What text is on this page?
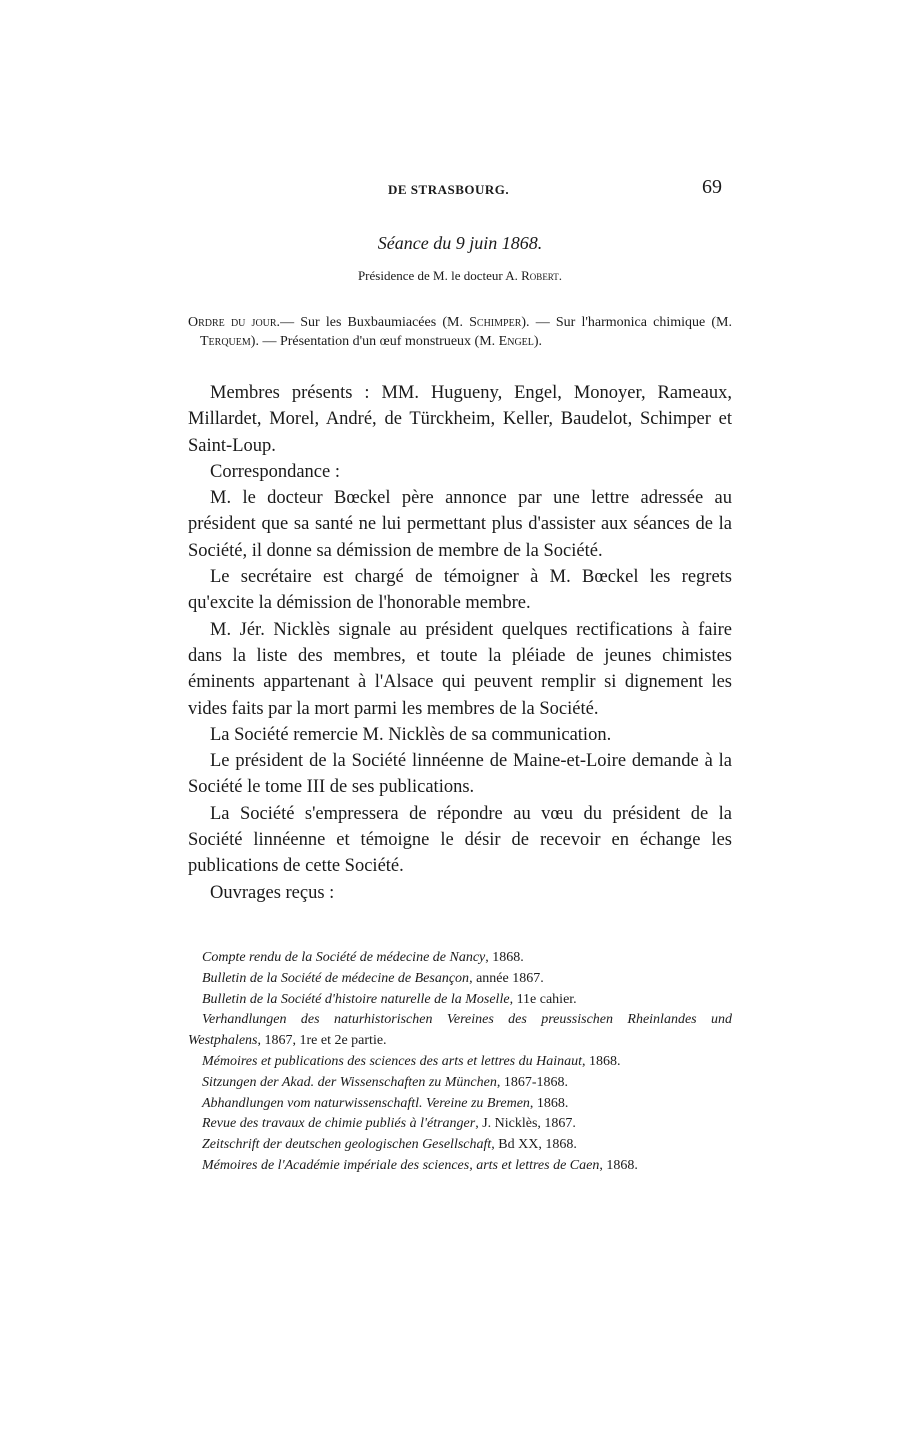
DE STRASBOURG.	69
Séance du 9 juin 1868.
Présidence de M. le docteur A. Robert.
Ordre du jour.— Sur les Buxbaumiacées (M. Schimper). — Sur l'harmonica chimique (M. Terquem). — Présentation d'un œuf monstrueux (M. Engel).

Membres présents : MM. Hugueny, Engel, Monoyer, Rameaux, Millardet, Morel, André, de Türckheim, Keller, Baudelot, Schimper et Saint-Loup.

Correspondance :

M. le docteur Bœckel père annonce par une lettre adressée au président que sa santé ne lui permettant plus d'assister aux séances de la Société, il donne sa démission de membre de la Société.

Le secrétaire est chargé de témoigner à M. Bœckel les regrets qu'excite la démission de l'honorable membre.

M. Jér. Nicklès signale au président quelques rectifications à faire dans la liste des membres, et toute la pléiade de jeunes chimistes éminents appartenant à l'Alsace qui peuvent remplir si dignement les vides faits par la mort parmi les membres de la Société.

La Société remercie M. Nicklès de sa communication.

Le président de la Société linnéenne de Maine-et-Loire demande à la Société le tome III de ses publications.

La Société s'empressera de répondre au vœu du président de la Société linnéenne et témoigne le désir de recevoir en échange les publications de cette Société.

Ouvrages reçus :

Compte rendu de la Société de médecine de Nancy, 1868.

Bulletin de la Société de médecine de Besançon, année 1867.

Bulletin de la Société d'histoire naturelle de la Moselle, 11e cahier.

Verhandlungen des naturhistorischen Vereines des preussischen Rheinlandes und Westphalens, 1867, 1re et 2e partie.

Mémoires et publications des sciences des arts et lettres du Hainaut, 1868.

Sitzungen der Akad. der Wissenschaften zu München, 1867-1868.

Abhandlungen vom naturwissenschaftl. Vereine zu Bremen, 1868.

Revue des travaux de chimie publiés à l'étranger, J. Nicklès, 1867.

Zeitschrift der deutschen geologischen Gesellschaft, Bd XX, 1868.

Mémoires de l'Académie impériale des sciences, arts et lettres de Caen, 1868.
